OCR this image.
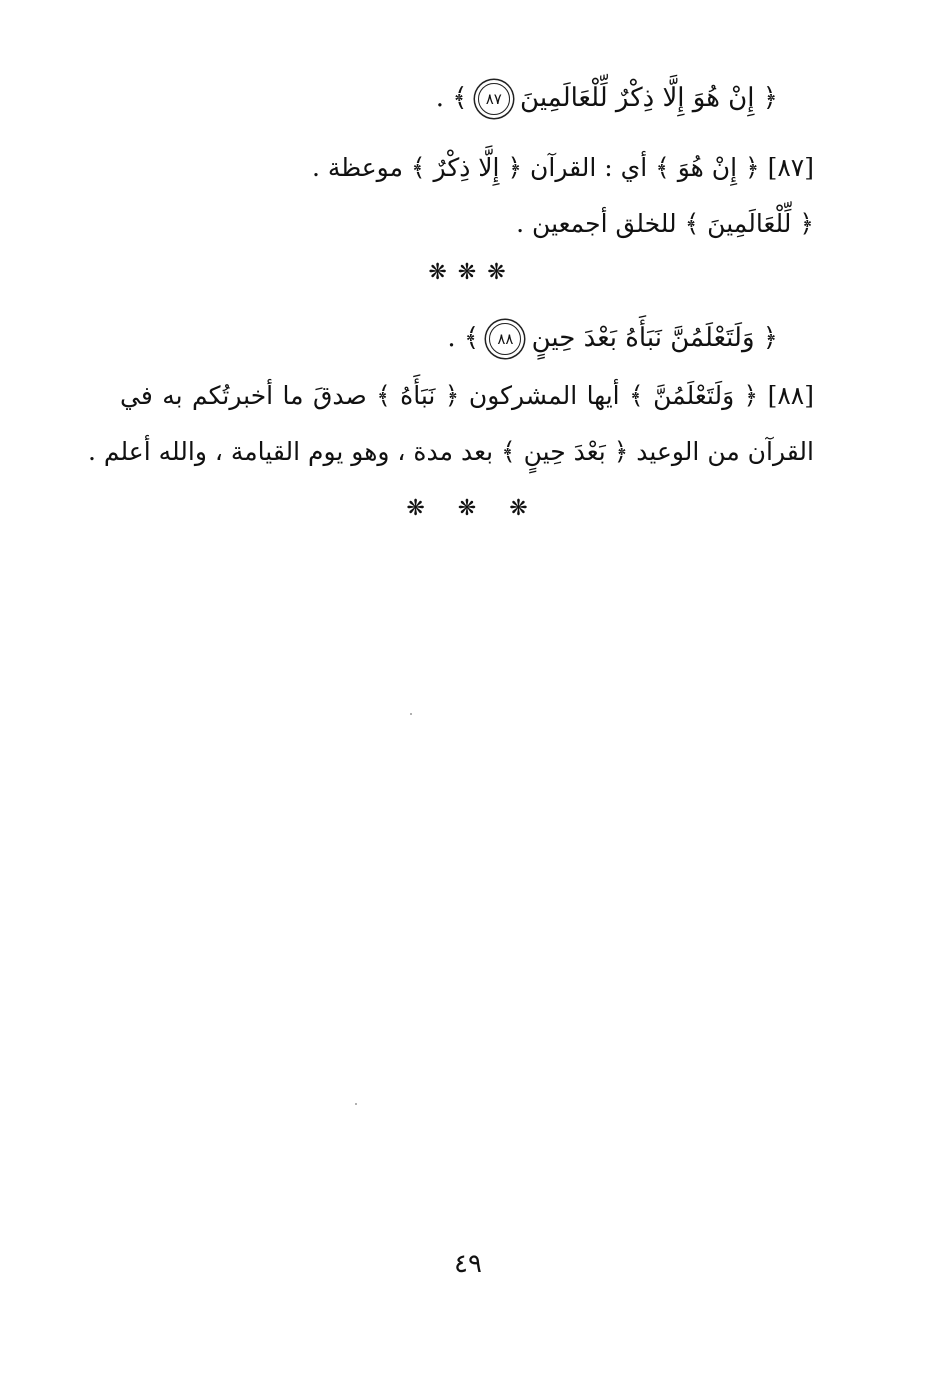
﴿ إِنْ هُوَ إِلَّا ذِكْرٌ لِّلْعَالَمِينَ ٨٧ ﴾ .
[٨٧] ﴿ إِنْ هُوَ ﴾ أي : القرآن ﴿ إِلَّا ذِكْرٌ ﴾ موعظة .
﴿ لِّلْعَالَمِينَ ﴾ للخلق أجمعين .
❋ ❋ ❋
﴿ وَلَتَعْلَمُنَّ نَبَأَهُ بَعْدَ حِينٍ ٨٨ ﴾ .
[٨٨] ﴿ وَلَتَعْلَمُنَّ ﴾ أيها المشركون ﴿ نَبَأَهُ ﴾ صدقَ ما أخبرتُكم به في
القرآن من الوعيد ﴿ بَعْدَ حِينٍ ﴾ بعد مدة ، وهو يوم القيامة ، والله أعلم .
❋ ❋ ❋
٤٩
